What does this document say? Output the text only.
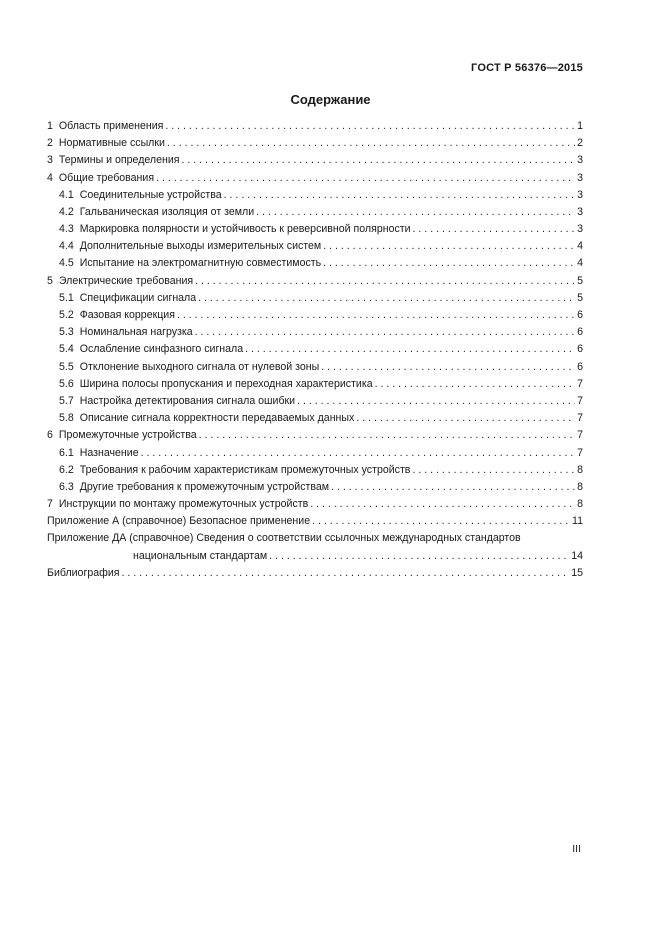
ГОСТ Р 56376—2015
Содержание
1 Область применения . . .	1
2 Нормативные ссылки . . .	2
3 Термины и определения . . .	3
4 Общие требования . . .	3
4.1 Соединительные устройства . . .	3
4.2 Гальваническая изоляция от земли . . .	3
4.3 Маркировка полярности и устойчивость к реверсивной полярности . . .	3
4.4 Дополнительные выходы измерительных систем . . .	4
4.5 Испытание на электромагнитную совместимость . . .	4
5 Электрические требования . . .	5
5.1 Спецификации сигнала . . .	5
5.2 Фазовая коррекция . . .	6
5.3 Номинальная нагрузка . . .	6
5.4 Ослабление синфазного сигнала . . .	6
5.5 Отклонение выходного сигнала от нулевой зоны . . .	6
5.6 Ширина полосы пропускания и переходная характеристика . . .	7
5.7 Настройка детектирования сигнала ошибки . . .	7
5.8 Описание сигнала корректности передаваемых данных . . .	7
6 Промежуточные устройства . . .	7
6.1 Назначение . . .	7
6.2 Требования к рабочим характеристикам промежуточных устройств . . .	8
6.3 Другие требования к промежуточным устройствам . . .	8
7 Инструкции по монтажу промежуточных устройств . . .	8
Приложение А (справочное) Безопасное применение . . .	11
Приложение ДА (справочное) Сведения о соответствии ссылочных международных стандартов
национальным стандартам . . .	14
Библиография . . .	15
III
